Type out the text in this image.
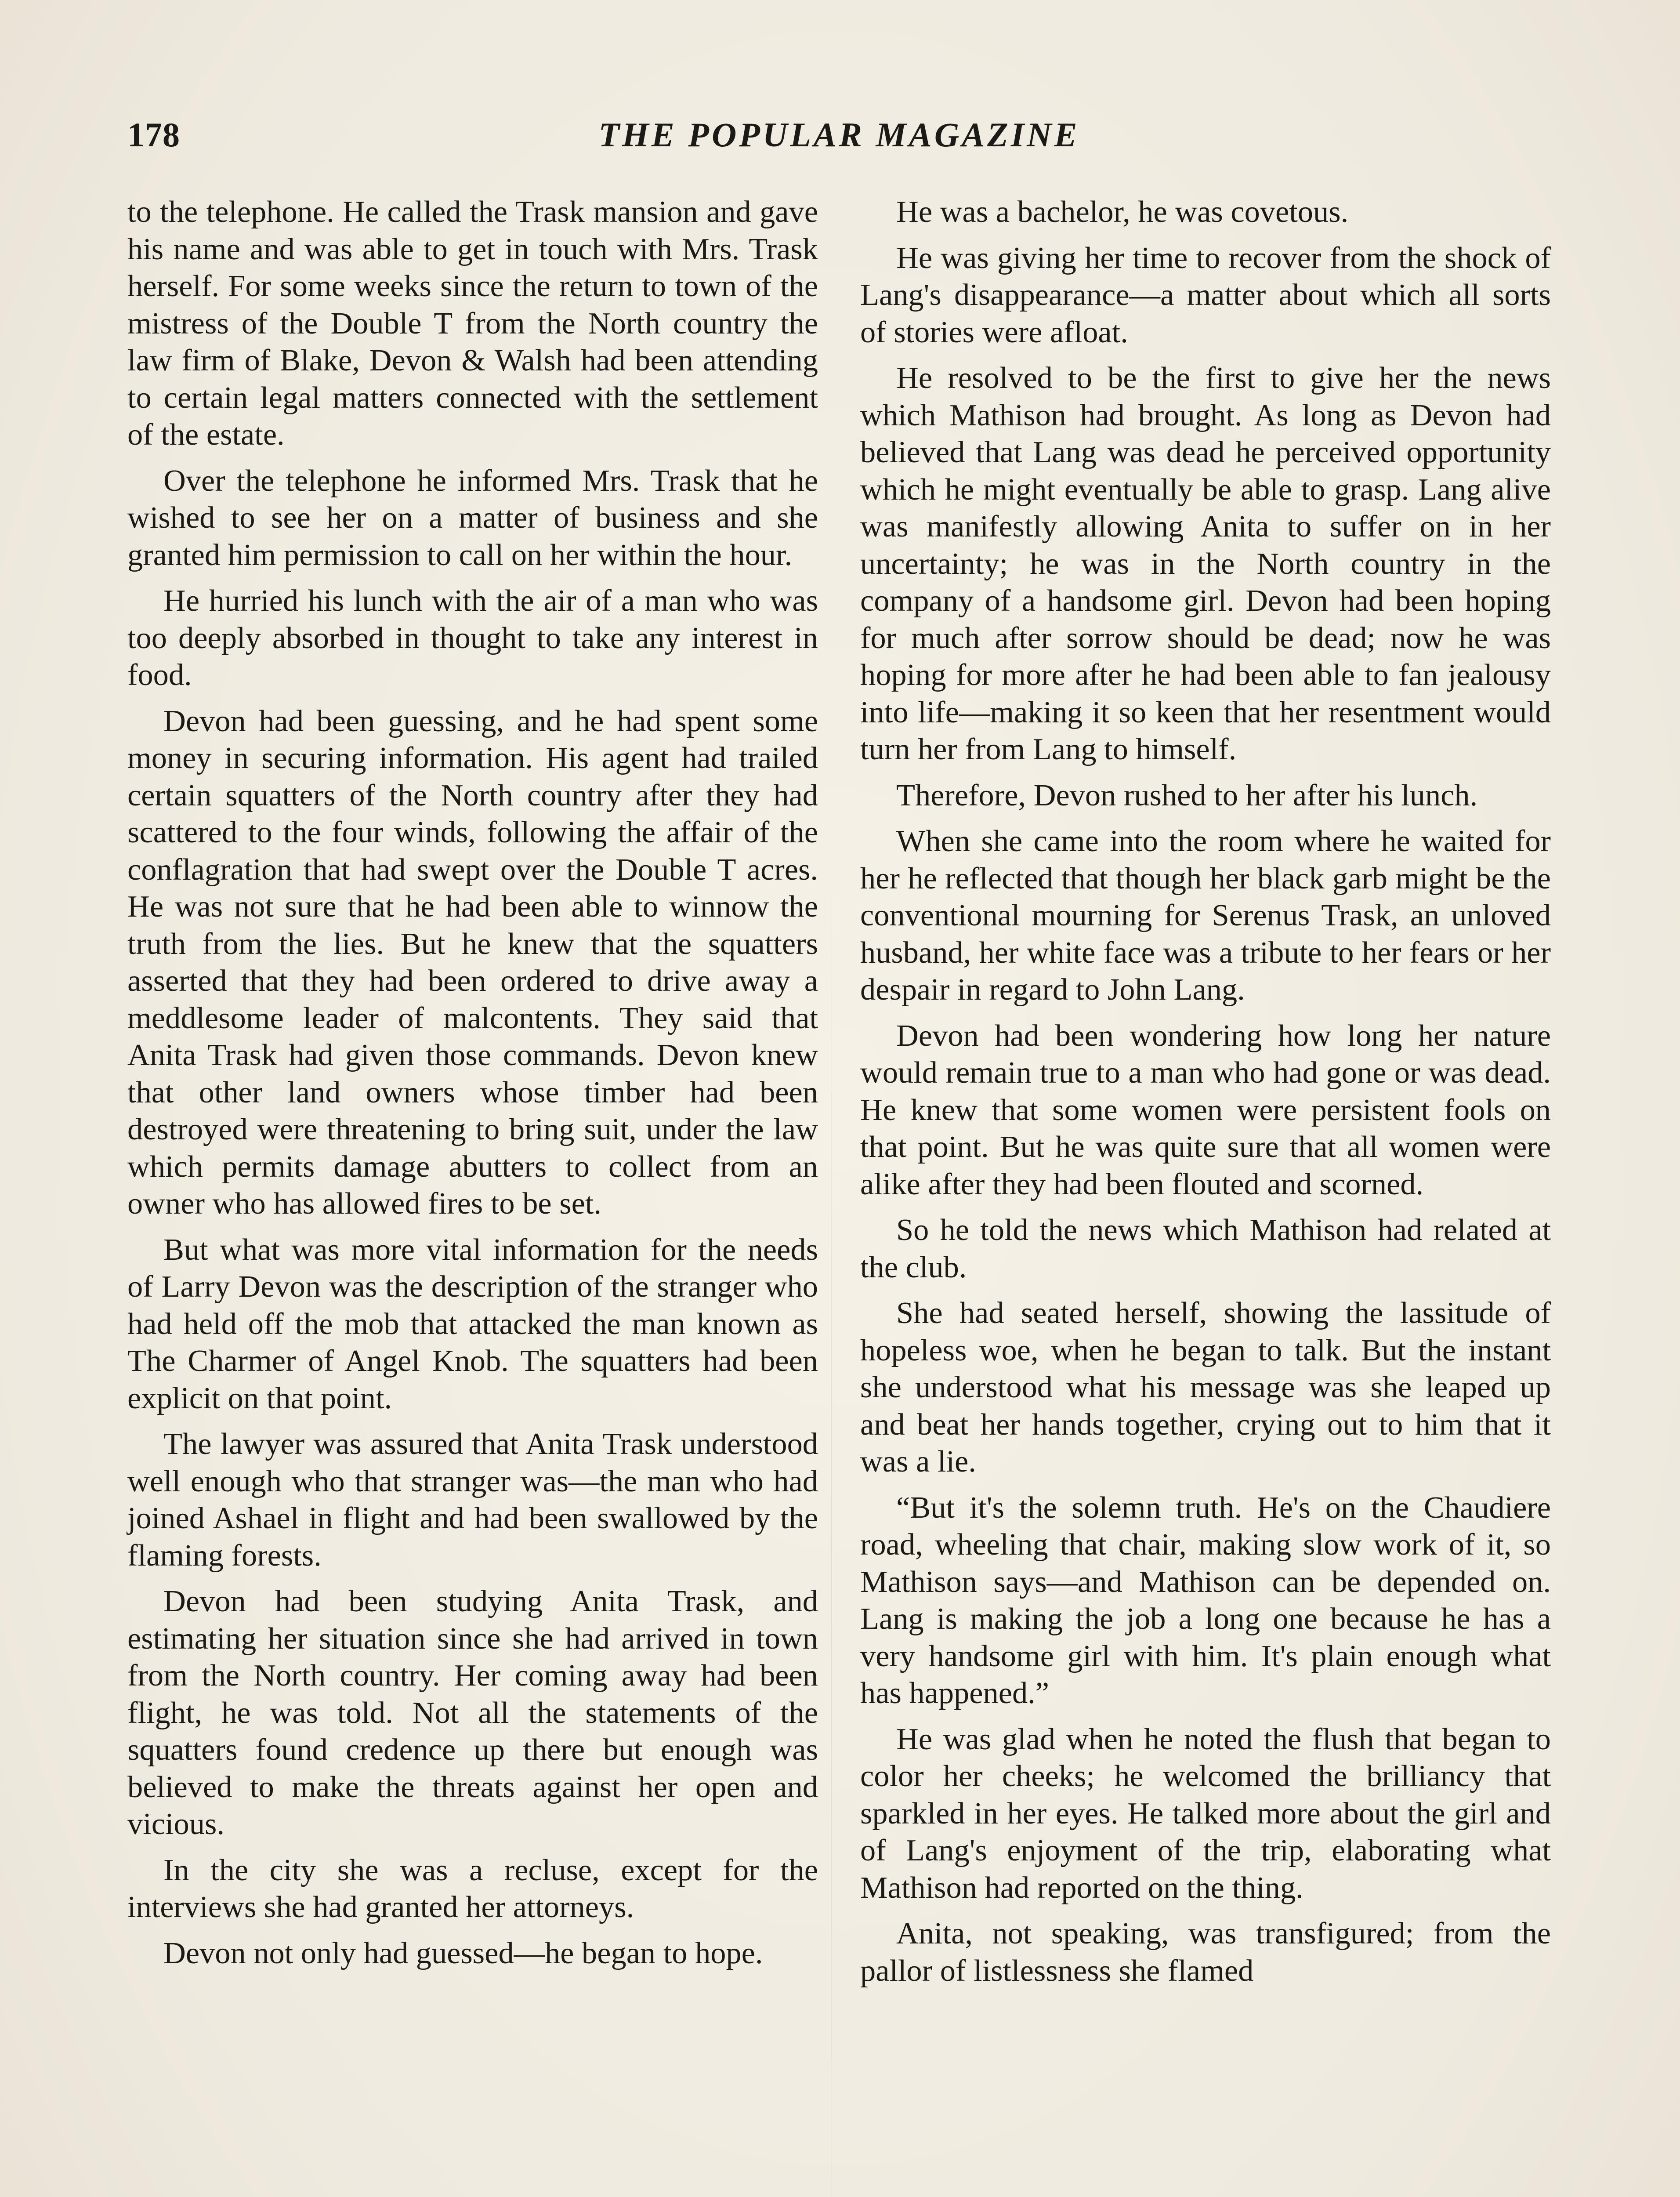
178	THE POPULAR MAGAZINE

to the telephone. He called the Trask mansion and gave his name and was able to get in touch with Mrs. Trask herself. For some weeks since the return to town of the mistress of the Double T from the North country the law firm of Blake, Devon & Walsh had been attending to certain legal matters connected with the settlement of the estate.

Over the telephone he informed Mrs. Trask that he wished to see her on a matter of business and she granted him permission to call on her within the hour.

He hurried his lunch with the air of a man who was too deeply absorbed in thought to take any interest in food.

Devon had been guessing, and he had spent some money in securing information. His agent had trailed certain squatters of the North country after they had scattered to the four winds, following the affair of the conflagration that had swept over the Double T acres. He was not sure that he had been able to winnow the truth from the lies. But he knew that the squatters asserted that they had been ordered to drive away a meddlesome leader of malcontents. They said that Anita Trask had given those commands. Devon knew that other land owners whose timber had been destroyed were threatening to bring suit, under the law which permits damage abutters to collect from an owner who has allowed fires to be set.

But what was more vital information for the needs of Larry Devon was the description of the stranger who had held off the mob that attacked the man known as The Charmer of Angel Knob. The squatters had been explicit on that point.

The lawyer was assured that Anita Trask understood well enough who that stranger was—the man who had joined Ashael in flight and had been swallowed by the flaming forests.

Devon had been studying Anita Trask, and estimating her situation since she had arrived in town from the North country. Her coming away had been flight, he was told. Not all the statements of the squatters found credence up there but enough was believed to make the threats against her open and vicious.

In the city she was a recluse, except for the interviews she had granted her attorneys.

Devon not only had guessed—he began to hope.

He was a bachelor, he was covetous.

He was giving her time to recover from the shock of Lang's disappearance—a matter about which all sorts of stories were afloat.

He resolved to be the first to give her the news which Mathison had brought. As long as Devon had believed that Lang was dead he perceived opportunity which he might eventually be able to grasp. Lang alive was manifestly allowing Anita to suffer on in her uncertainty; he was in the North country in the company of a handsome girl. Devon had been hoping for much after sorrow should be dead; now he was hoping for more after he had been able to fan jealousy into life—making it so keen that her resentment would turn her from Lang to himself.

Therefore, Devon rushed to her after his lunch.

When she came into the room where he waited for her he reflected that though her black garb might be the conventional mourning for Serenus Trask, an unloved husband, her white face was a tribute to her fears or her despair in regard to John Lang.

Devon had been wondering how long her nature would remain true to a man who had gone or was dead. He knew that some women were persistent fools on that point. But he was quite sure that all women were alike after they had been flouted and scorned.

So he told the news which Mathison had related at the club.

She had seated herself, showing the lassitude of hopeless woe, when he began to talk. But the instant she understood what his message was she leaped up and beat her hands together, crying out to him that it was a lie.

“But it's the solemn truth. He's on the Chaudiere road, wheeling that chair, making slow work of it, so Mathison says—and Mathison can be depended on. Lang is making the job a long one because he has a very handsome girl with him. It's plain enough what has happened.”

He was glad when he noted the flush that began to color her cheeks; he welcomed the brilliancy that sparkled in her eyes. He talked more about the girl and of Lang's enjoyment of the trip, elaborating what Mathison had reported on the thing.

Anita, not speaking, was transfigured; from the pallor of listlessness she flamed
